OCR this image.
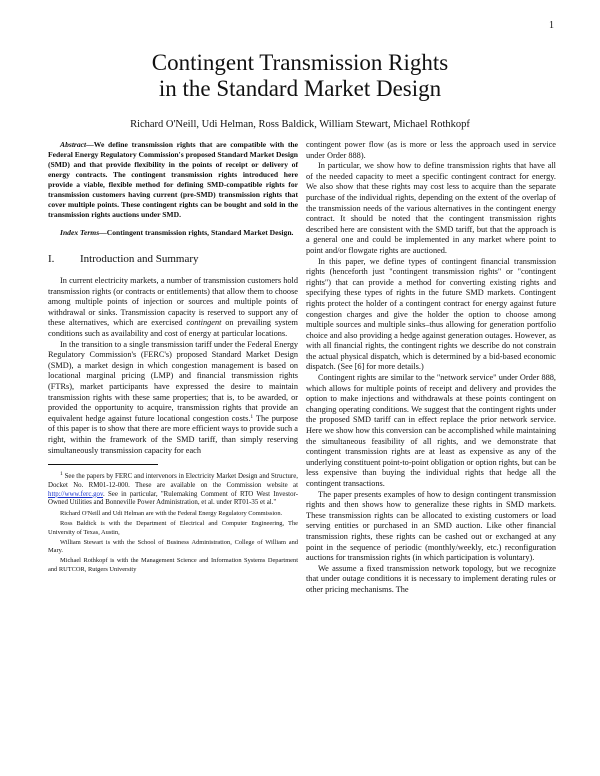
1
Contingent Transmission Rights
in the Standard Market Design
Richard O'Neill, Udi Helman, Ross Baldick, William Stewart, Michael Rothkopf

Abstract—We define transmission rights that are compatible with the Federal Energy Regulatory Commission's proposed Standard Market Design (SMD) and that provide flexibility in the points of receipt or delivery of energy contracts. The contingent transmission rights introduced here provide a viable, flexible method for defining SMD-compatible rights for transmission customers having current (pre-SMD) transmission rights that cover multiple points. These contingent rights can be bought and sold in the transmission rights auctions under SMD.

Index Terms—Contingent transmission rights, Standard Market Design.

I. Introduction and Summary

In current electricity markets, a number of transmission customers hold transmission rights (or contracts or entitlements) that allow them to choose among multiple points of injection or sources and multiple points of withdrawal or sinks. Transmission capacity is reserved to support any of these alternatives, which are exercised contingent on prevailing system conditions such as availability and cost of energy at particular locations.

In the transition to a single transmission tariff under the Federal Energy Regulatory Commission's (FERC's) proposed Standard Market Design (SMD), a market design in which congestion management is based on locational marginal pricing (LMP) and financial transmission rights (FTRs), market participants have expressed the desire to maintain transmission rights with these same properties; that is, to be awarded, or provided the opportunity to acquire, transmission rights that provide an equivalent hedge against future locational congestion costs.$^1$ The purpose of this paper is to show that there are more efficient ways to provide such a right, within the framework of the SMD tariff, than simply reserving simultaneously transmission capacity for each

$^1$ See the papers by FERC and intervenors in Electricity Market Design and Structure, Docket No. RM01-12-000. These are available on the Commission website at http://www.ferc.gov. See in particular, "Rulemaking Comment of RTO West Investor-Owned Utilities and Bonneville Power Administration, et al. under RT01-35 et al."

Richard O'Neill and Udi Helman are with the Federal Energy Regulatory Commission.

Ross Baldick is with the Department of Electrical and Computer Engineering, The University of Texas, Austin,

William Stewart is with the School of Business Administration, College of William and Mary.

Michael Rothkopf is with the Management Science and Information Systems Department and RUTCOR, Rutgers University

contingent power flow (as is more or less the approach used in service under Order 888).

In particular, we show how to define transmission rights that have all of the needed capacity to meet a specific contingent contract for energy. We also show that these rights may cost less to acquire than the separate purchase of the individual rights, depending on the extent of the overlap of the transmission needs of the various alternatives in the contingent energy contract. It should be noted that the contingent transmission rights described here are consistent with the SMD tariff, but that the approach is a general one and could be implemented in any market where point to point and/or flowgate rights are auctioned.

In this paper, we define types of contingent financial transmission rights (henceforth just "contingent transmission rights" or "contingent rights") that can provide a method for converting existing rights and specifying these types of rights in the future SMD markets. Contingent rights protect the holder of a contingent contract for energy against future congestion charges and give the holder the option to choose among multiple sources and multiple sinks–thus allowing for generation portfolio choice and also providing a hedge against generation outages. However, as with all financial rights, the contingent rights we describe do not constrain the actual physical dispatch, which is determined by a bid-based economic dispatch. (See [6] for more details.)

Contingent rights are similar to the "network service" under Order 888, which allows for multiple points of receipt and delivery and provides the option to make injections and withdrawals at these points contingent on changing operating conditions. We suggest that the contingent rights under the proposed SMD tariff can in effect replace the prior network service. Here we show how this conversion can be accomplished while maintaining the simultaneous feasibility of all rights, and we demonstrate that contingent transmission rights are at least as expensive as any of the underlying constituent point-to-point obligation or option rights, but can be less expensive than buying the individual rights that hedge all the contingent transactions.

The paper presents examples of how to design contingent transmission rights and then shows how to generalize these rights in SMD markets. These transmission rights can be allocated to existing customers or load serving entities or purchased in an SMD auction. Like other financial transmission rights, these rights can be cashed out or exchanged at any point in the sequence of periodic (monthly/weekly, etc.) reconfiguration auctions for transmission rights (in which participation is voluntary).

We assume a fixed transmission network topology, but we recognize that under outage conditions it is necessary to implement derating rules or other pricing mechanisms. The
